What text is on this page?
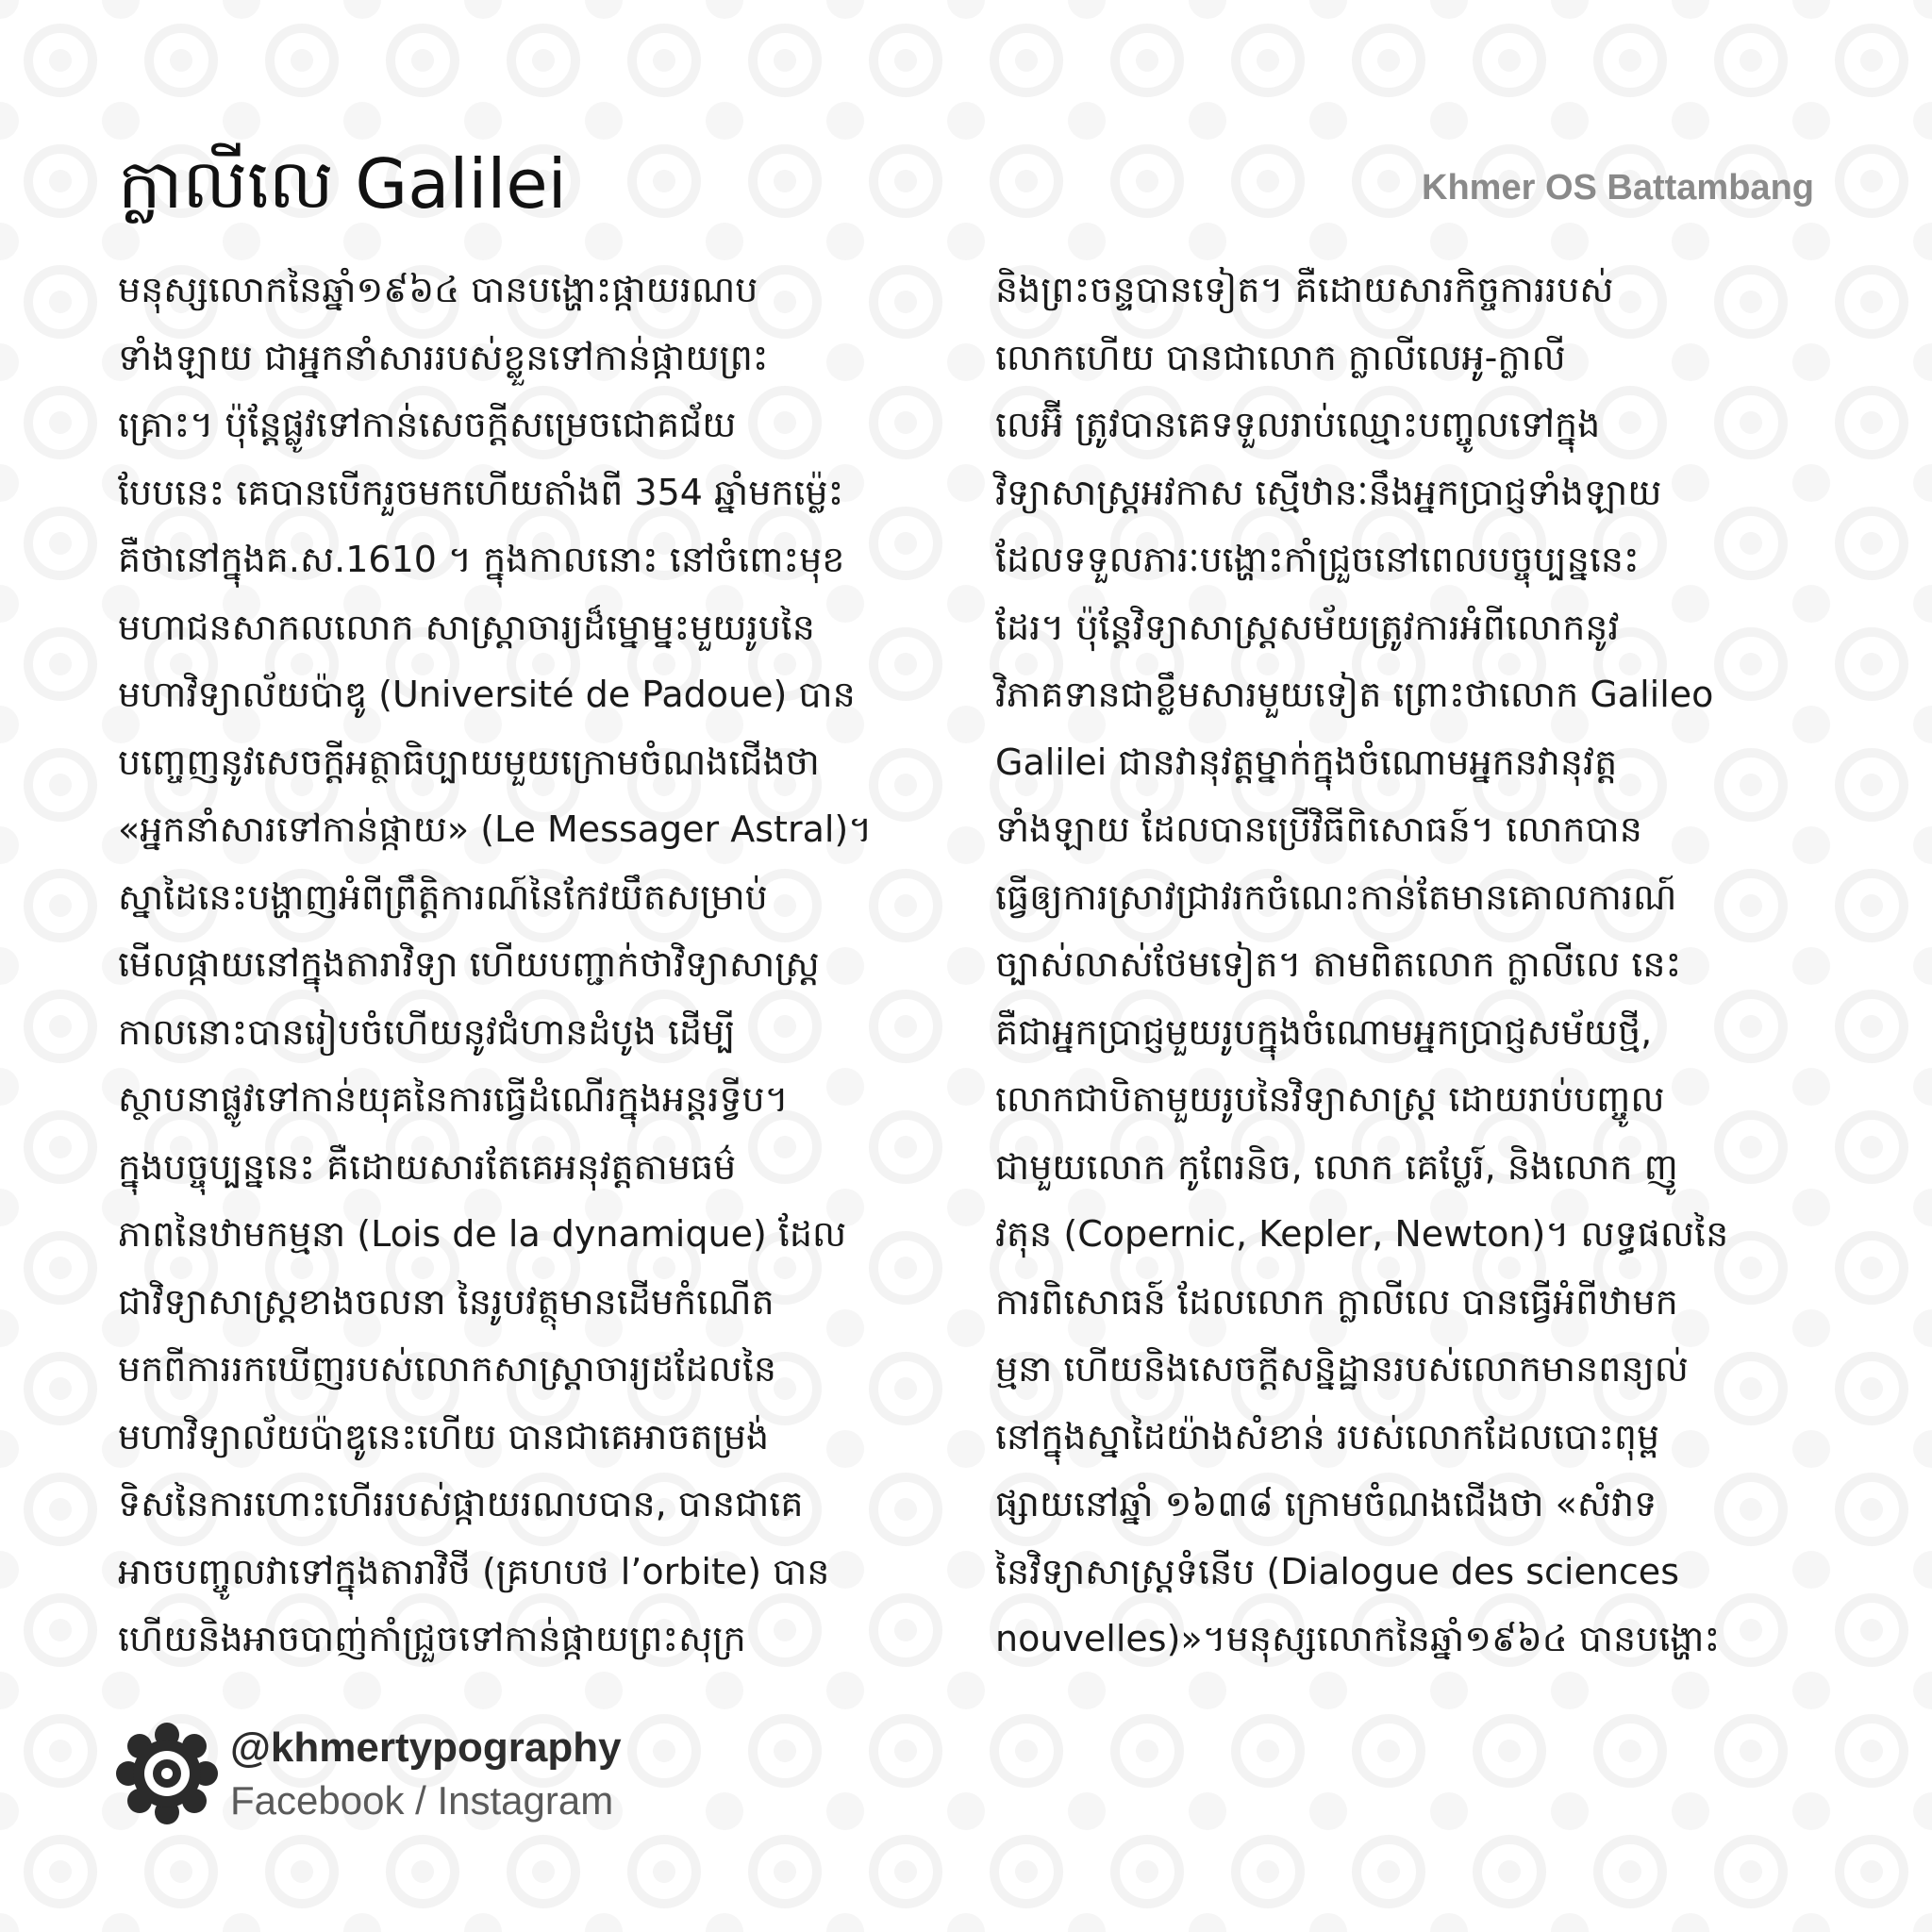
ក្លាលីលេ Galilei	Khmer OS Battambang
មនុស្សលោកនៃឆ្នាំ១៩៦៤ បានបង្ហោះផ្កាយរណប
ទាំងឡាយ ជាអ្នកនាំសាររបស់ខ្លួនទៅកាន់ផ្កាយព្រះ
គ្រោះ។ ប៉ុន្តែផ្លូវទៅកាន់សេចក្តីសម្រេចជោគជ័យ
បែបនេះ គេបានបើករួចមកហើយតាំងពី 354 ឆ្នាំមកម្ល៉េះ
គឺថានៅក្នុងគ.ស.1610 ។ ក្នុងកាលនោះ នៅចំពោះមុខ
មហាជនសាកលលោក សាស្ត្រាចារ្យដ៏ម្នោម្នះមួយរូបនៃ
មហាវិទ្យាល័យប៉ាឌូ (Université de Padoue) បាន
បញ្ចេញនូវសេចក្តីអត្ថាធិប្បាយមួយក្រោមចំណងជើងថា
«អ្នកនាំសារទៅកាន់ផ្កាយ» (Le Messager Astral)។
ស្នាដៃនេះបង្ហាញអំពីព្រឹត្តិការណ៍នៃកែវយឹតសម្រាប់
មើលផ្កាយនៅក្នុងតារាវិទ្យា ហើយបញ្ជាក់ថាវិទ្យាសាស្ត្រ
កាលនោះបានរៀបចំហើយនូវជំហានដំបូង ដើម្បី
ស្ថាបនាផ្លូវទៅកាន់យុគនៃការធ្វើដំណើរក្នុងអន្តរទ្វីប។
ក្នុងបច្ចុប្បន្ននេះ គឺដោយសារតែគេអនុវត្តតាមធម៌
ភាពនៃឋាមកម្មនា (Lois de la dynamique) ដែល
ជាវិទ្យាសាស្ត្រខាងចលនា នៃរូបវត្ថុមានដើមកំណើត
មកពីការរកឃើញរបស់លោកសាស្ត្រាចារ្យដដែលនៃ
មហាវិទ្យាល័យប៉ាឌូនេះហើយ បានជាគេអាចតម្រង់
ទិសនៃការហោះហើររបស់ផ្កាយរណបបាន, បានជាគេ
អាចបញ្ចូលវាទៅក្នុងតារាវិថី (គ្រហបថ l’orbite) បាន
ហើយនិងអាចបាញ់កាំជ្រួចទៅកាន់ផ្កាយព្រះសុក្រ
និងព្រះចន្ទបានទៀត។ គឺដោយសារកិច្ចការរបស់
លោកហើយ បានជាលោក ក្លាលីលេអូ-ក្លាលី
លេអ៊ី ត្រូវបានគេទទួលរាប់ឈ្មោះបញ្ចូលទៅក្នុង
វិទ្យាសាស្ត្រអវកាស ស្មើឋានៈនឹងអ្នកប្រាជ្ញទាំងឡាយ
ដែលទទួលភារៈបង្ហោះកាំជ្រួចនៅពេលបច្ចុប្បន្ននេះ
ដែរ។ ប៉ុន្តែវិទ្យាសាស្ត្រសម័យត្រូវការអំពីលោកនូវ
វិភាគទានជាខ្លឹមសារមួយទៀត ព្រោះថាលោក Galileo
Galilei ជានវានុវត្តម្នាក់ក្នុងចំណោមអ្នកនវានុវត្ត
ទាំងឡាយ ដែលបានប្រើវិធីពិសោធន៍។ លោកបាន
ធ្វើឲ្យការស្រាវជ្រាវរកចំណេះកាន់តែមានគោលការណ៍
ច្បាស់លាស់ថែមទៀត។ តាមពិតលោក ក្លាលីលេ នេះ
គឺជាអ្នកប្រាជ្ញមួយរូបក្នុងចំណោមអ្នកប្រាជ្ញសម័យថ្មី,
លោកជាបិតាមួយរូបនៃវិទ្យាសាស្ត្រ ដោយរាប់បញ្ចូល
ជាមួយលោក កូពែរនិច, លោក គេប្លែរ៍, និងលោក ញូ
វតុន (Copernic, Kepler, Newton)។ លទ្ធផលនៃ
ការពិសោធន៍ ដែលលោក ក្លាលីលេ បានធ្វើអំពីឋាមក
ម្មនា ហើយនិងសេចក្តីសន្និដ្ឋានរបស់លោកមានពន្យល់
នៅក្នុងស្នាដៃយ៉ាងសំខាន់ របស់លោកដែលបោះពុម្ព
ផ្សាយនៅឆ្នាំ ១៦៣៨ ក្រោមចំណងជើងថា «សំវាទ
នៃវិទ្យាសាស្ត្រទំនើប (Dialogue des sciences
nouvelles)»។មនុស្សលោកនៃឆ្នាំ១៩៦៤ បានបង្ហោះ
@khmertypography
Facebook / Instagram
